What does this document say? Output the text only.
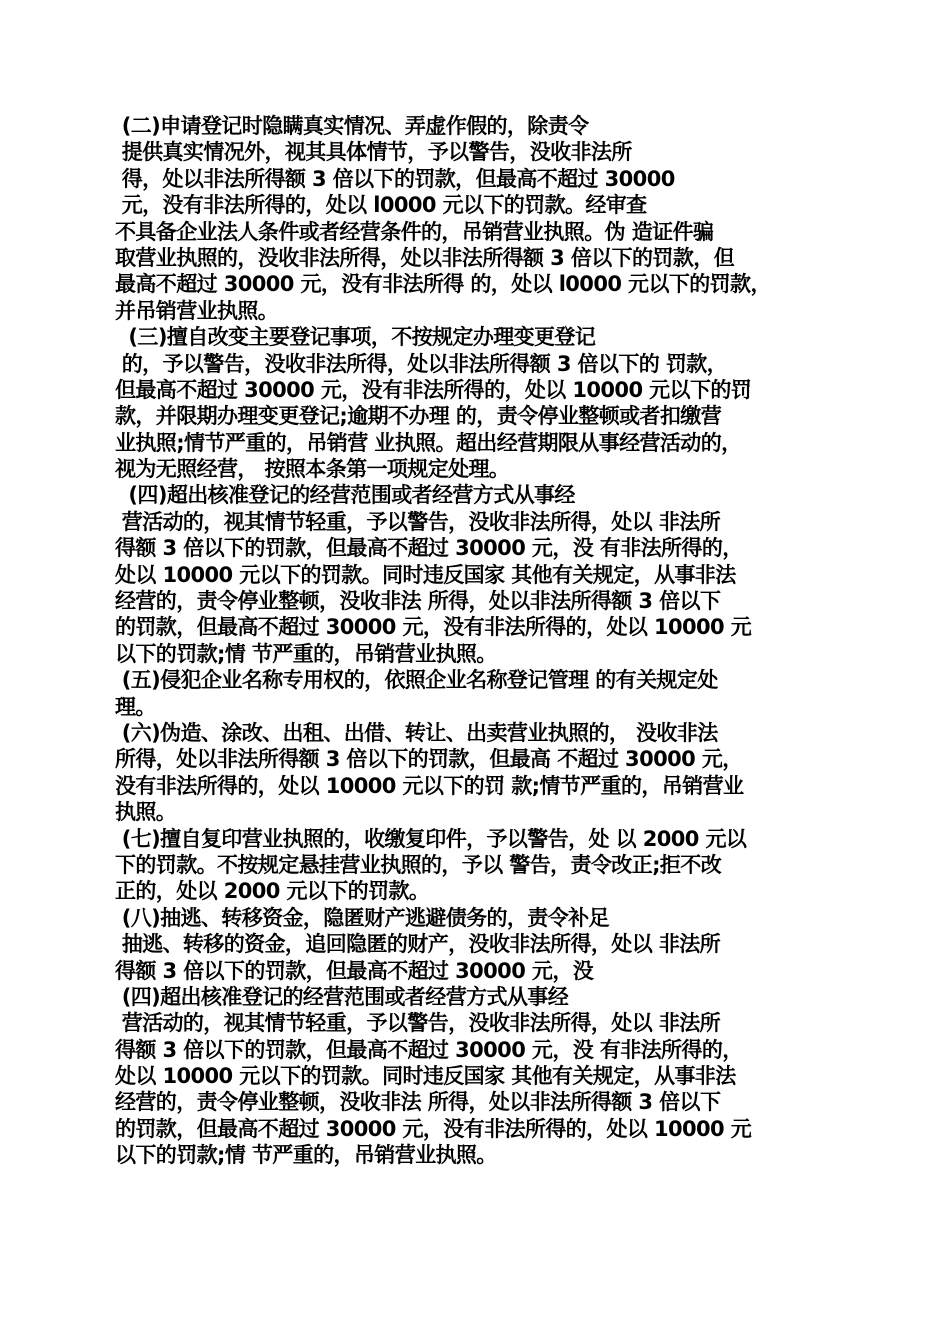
(二)申请登记时隐瞒真实情况、弄虚作假的，除责令
提供真实情况外，视其具体情节，予以警告，没收非法所
得，处以非法所得额 3 倍以下的罚款，但最高不超过 30000
元，没有非法所得的，处以 l0000 元以下的罚款。经审查
不具备企业法人条件或者经营条件的，吊销营业执照。伪 造证件骗
取营业执照的，没收非法所得，处以非法所得额 3 倍以下的罚款，但
最高不超过 30000 元，没有非法所得 的，处以 l0000 元以下的罚款，
并吊销营业执照。
(三)擅自改变主要登记事项，不按规定办理变更登记
的，予以警告，没收非法所得，处以非法所得额 3 倍以下的 罚款，
但最高不超过 30000 元，没有非法所得的，处以 10000 元以下的罚
款，并限期办理变更登记;逾期不办理 的，责令停业整顿或者扣缴营
业执照;情节严重的，吊销营 业执照。超出经营期限从事经营活动的，
视为无照经营， 按照本条第一项规定处理。
(四)超出核准登记的经营范围或者经营方式从事经
营活动的，视其情节轻重，予以警告，没收非法所得，处以 非法所
得额 3 倍以下的罚款，但最高不超过 30000 元，没 有非法所得的，
处以 10000 元以下的罚款。同时违反国家 其他有关规定，从事非法
经营的，责令停业整顿，没收非法 所得，处以非法所得额 3 倍以下
的罚款，但最高不超过 30000 元，没有非法所得的，处以 10000 元
以下的罚款;情 节严重的，吊销营业执照。
(五)侵犯企业名称专用权的，依照企业名称登记管理 的有关规定处
理。
(六)伪造、涂改、出租、出借、转让、出卖营业执照的， 没收非法
所得，处以非法所得额 3 倍以下的罚款，但最高 不超过 30000 元，
没有非法所得的，处以 10000 元以下的罚 款;情节严重的，吊销营业
执照。
(七)擅自复印营业执照的，收缴复印件，予以警告，处 以 2000 元以
下的罚款。不按规定悬挂营业执照的，予以 警告，责令改正;拒不改
正的，处以 2000 元以下的罚款。
(八)抽逃、转移资金，隐匿财产逃避债务的，责令补足
抽逃、转移的资金，追回隐匿的财产，没收非法所得，处以 非法所
得额 3 倍以下的罚款，但最高不超过 30000 元，没
(四)超出核准登记的经营范围或者经营方式从事经
营活动的，视其情节轻重，予以警告，没收非法所得，处以 非法所
得额 3 倍以下的罚款，但最高不超过 30000 元，没 有非法所得的，
处以 10000 元以下的罚款。同时违反国家 其他有关规定，从事非法
经营的，责令停业整顿，没收非法 所得，处以非法所得额 3 倍以下
的罚款，但最高不超过 30000 元，没有非法所得的，处以 10000 元
以下的罚款;情 节严重的，吊销营业执照。
